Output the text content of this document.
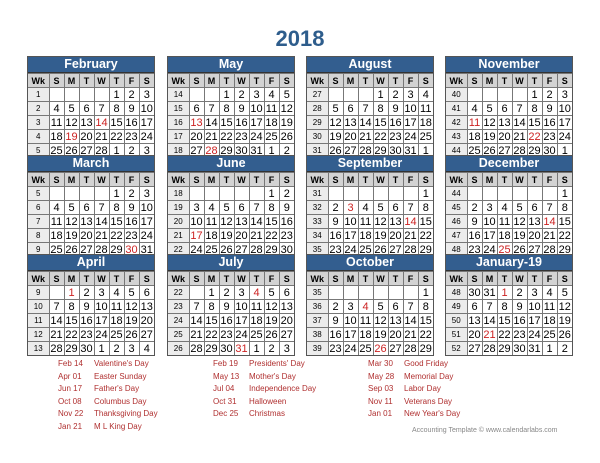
2018
February
Wk	S	M	T	W	T	F	S
1					1	2	3
2	4	5	6	7	8	9	10
3	11	12	13	14	15	16	17
4	18	19	20	21	22	23	24
5	25	26	27	28	1	2	3
May
Wk	S	M	T	W	T	F	S
14			1	2	3	4	5
15	6	7	8	9	10	11	12
16	13	14	15	16	17	18	19
17	20	21	22	23	24	25	26
18	27	28	29	30	31	1	2
August
Wk	S	M	T	W	T	F	S
27				1	2	3	4
28	5	6	7	8	9	10	11
29	12	13	14	15	16	17	18
30	19	20	21	22	23	24	25
31	26	27	28	29	30	31	1
November
Wk	S	M	T	W	T	F	S
40					1	2	3
41	4	5	6	7	8	9	10
42	11	12	13	14	15	16	17
43	18	19	20	21	22	23	24
44	25	26	27	28	29	30	1
March
Wk	S	M	T	W	T	F	S
5					1	2	3
6	4	5	6	7	8	9	10
7	11	12	13	14	15	16	17
8	18	19	20	21	22	23	24
9	25	26	27	28	29	30	31
June
Wk	S	M	T	W	T	F	S
18						1	2
19	3	4	5	6	7	8	9
20	10	11	12	13	14	15	16
21	17	18	19	20	21	22	23
22	24	25	26	27	28	29	30
September
Wk	S	M	T	W	T	F	S
31							1
32	2	3	4	5	6	7	8
33	9	10	11	12	13	14	15
34	16	17	18	19	20	21	22
35	23	24	25	26	27	28	29
December
Wk	S	M	T	W	T	F	S
44							1
45	2	3	4	5	6	7	8
46	9	10	11	12	13	14	15
47	16	17	18	19	20	21	22
48	23	24	25	26	27	28	29
April
Wk	S	M	T	W	T	F	S
9		1	2	3	4	5	6
10	7	8	9	10	11	12	13
11	14	15	16	17	18	19	20
12	21	22	23	24	25	26	27
13	28	29	30	1	2	3	4
July
Wk	S	M	T	W	T	F	S
22		1	2	3	4	5	6
23	7	8	9	10	11	12	13
24	14	15	16	17	18	19	20
25	21	22	23	24	25	26	27
26	28	29	30	31	1	2	3
October
Wk	S	M	T	W	T	F	S
35							1
36	2	3	4	5	6	7	8
37	9	10	11	12	13	14	15
38	16	17	18	19	20	21	22
39	23	24	25	26	27	28	29
January-19
Wk	S	M	T	W	T	F	S
48	30	31	1	2	3	4	5
49	6	7	8	9	10	11	12
50	13	14	15	16	17	18	19
51	20	21	22	23	24	25	26
52	27	28	29	30	31	1	2
Feb 14 Valentine's Day
Apr 01 Easter Sunday
Jun 17 Father's Day
Oct 08 Columbus Day
Nov 22 Thanksgiving Day
Jan 21 M L King Day
Feb 19 Presidents' Day
May 13 Mother's Day
Jul 04 Independence Day
Oct 31 Halloween
Dec 25 Christmas
Mar 30 Good Friday
May 28 Memorial Day
Sep 03 Labor Day
Nov 11 Veterans Day
Jan 01 New Year's Day
Accounting Template © www.calendarlabs.com
